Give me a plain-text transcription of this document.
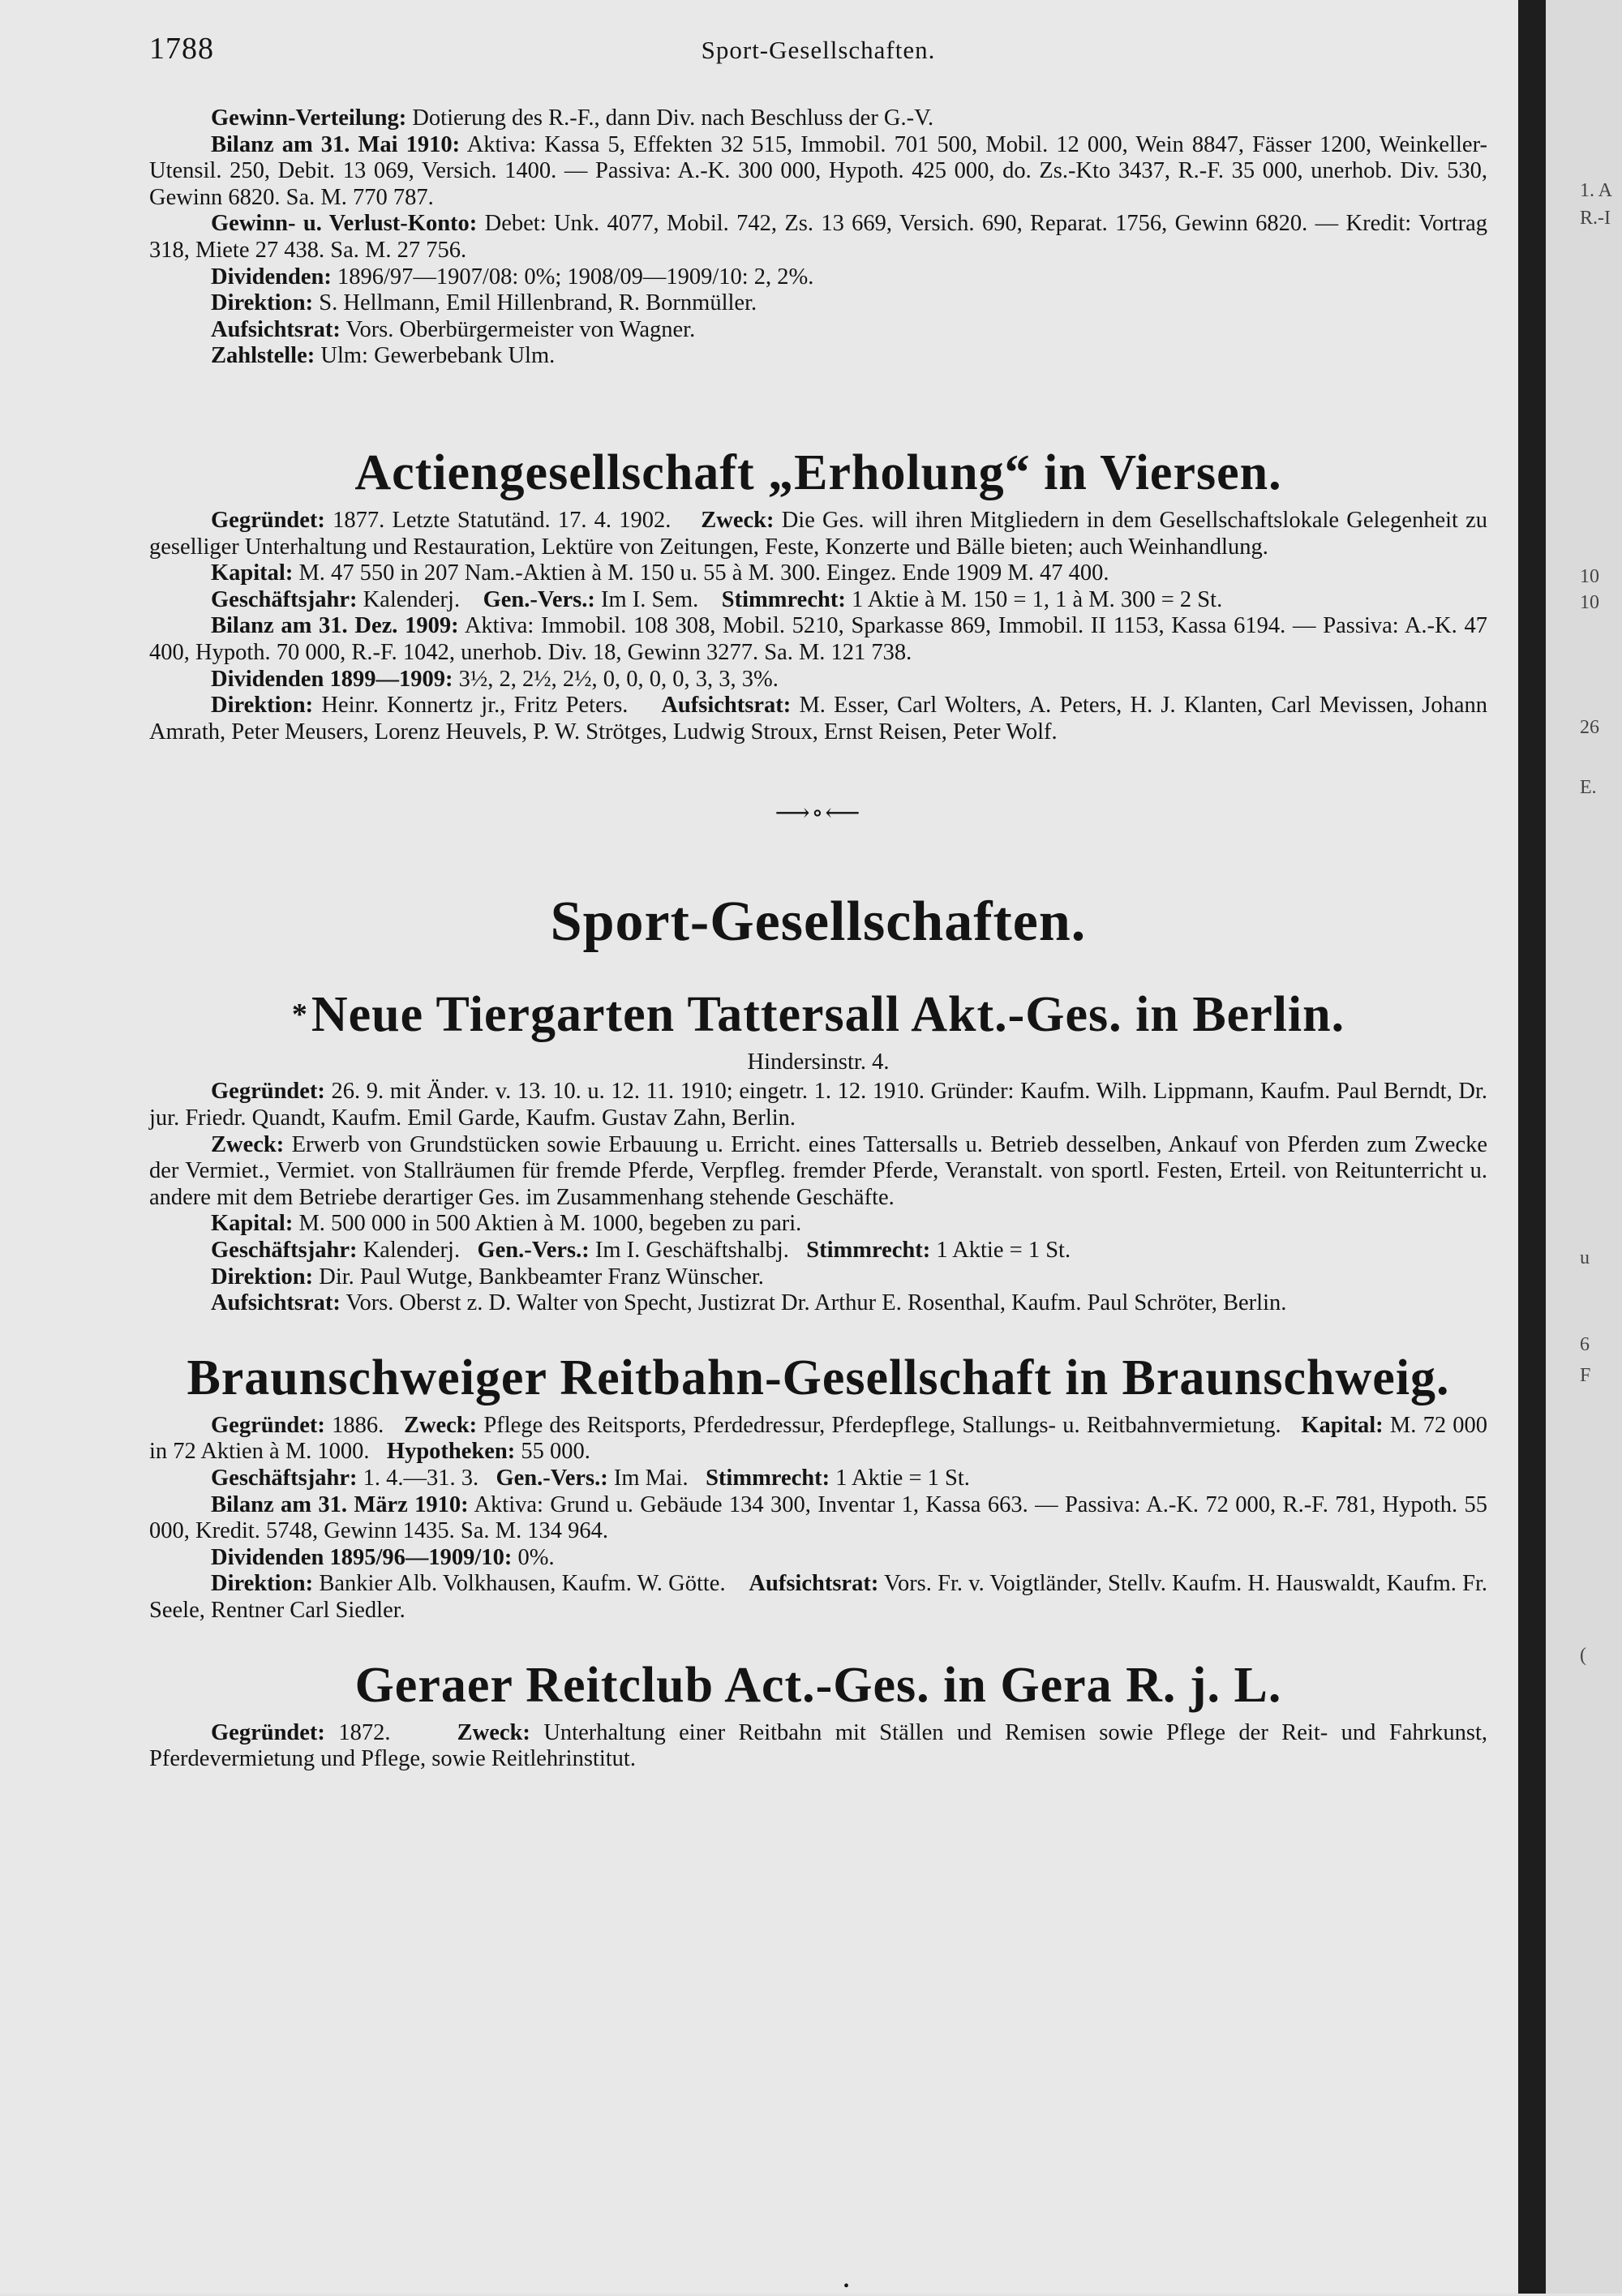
1788	Sport-Gesellschaften.

Gewinn-Verteilung: Dotierung des R.-F., dann Div. nach Beschluss der G.-V.

Bilanz am 31. Mai 1910: Aktiva: Kassa 5, Effekten 32 515, Immobil. 701 500, Mobil. 12 000, Wein 8847, Fässer 1200, Weinkeller-Utensil. 250, Debit. 13 069, Versich. 1400. — Passiva: A.-K. 300 000, Hypoth. 425 000, do. Zs.-Kto 3437, R.-F. 35 000, unerhob. Div. 530, Gewinn 6820. Sa. M. 770 787.

Gewinn- u. Verlust-Konto: Debet: Unk. 4077, Mobil. 742, Zs. 13 669, Versich. 690, Reparat. 1756, Gewinn 6820. — Kredit: Vortrag 318, Miete 27 438. Sa. M. 27 756.

Dividenden: 1896/97—1907/08: 0%; 1908/09—1909/10: 2, 2%.

Direktion: S. Hellmann, Emil Hillenbrand, R. Bornmüller.

Aufsichtsrat: Vors. Oberbürgermeister von Wagner.

Zahlstelle: Ulm: Gewerbebank Ulm.

Actiengesellschaft „Erholung“ in Viersen.

Gegründet: 1877. Letzte Statutänd. 17. 4. 1902. Zweck: Die Ges. will ihren Mitgliedern in dem Gesellschaftslokale Gelegenheit zu geselliger Unterhaltung und Restauration, Lektüre von Zeitungen, Feste, Konzerte und Bälle bieten; auch Weinhandlung.

Kapital: M. 47 550 in 207 Nam.-Aktien à M. 150 u. 55 à M. 300. Eingez. Ende 1909 M. 47 400.

Geschäftsjahr: Kalenderj. Gen.-Vers.: Im I. Sem. Stimmrecht: 1 Aktie à M. 150 = 1, 1 à M. 300 = 2 St.

Bilanz am 31. Dez. 1909: Aktiva: Immobil. 108 308, Mobil. 5210, Sparkasse 869, Immobil. II 1153, Kassa 6194. — Passiva: A.-K. 47 400, Hypoth. 70 000, R.-F. 1042, unerhob. Div. 18, Gewinn 3277. Sa. M. 121 738.

Dividenden 1899—1909: 3½, 2, 2½, 2½, 0, 0, 0, 0, 3, 3, 3%.

Direktion: Heinr. Konnertz jr., Fritz Peters. Aufsichtsrat: M. Esser, Carl Wolters, A. Peters, H. J. Klanten, Carl Mevissen, Johann Amrath, Peter Meusers, Lorenz Heuvels, P. W. Strötges, Ludwig Stroux, Ernst Reisen, Peter Wolf.

⟶∘⟵
Sport-Gesellschaften.
* Neue Tiergarten Tattersall Akt.-Ges. in Berlin.
Hindersinstr. 4.

Gegründet: 26. 9. mit Änder. v. 13. 10. u. 12. 11. 1910; eingetr. 1. 12. 1910. Gründer: Kaufm. Wilh. Lippmann, Kaufm. Paul Berndt, Dr. jur. Friedr. Quandt, Kaufm. Emil Garde, Kaufm. Gustav Zahn, Berlin.

Zweck: Erwerb von Grundstücken sowie Erbauung u. Erricht. eines Tattersalls u. Betrieb desselben, Ankauf von Pferden zum Zwecke der Vermiet., Vermiet. von Stallräumen für fremde Pferde, Verpfleg. fremder Pferde, Veranstalt. von sportl. Festen, Erteil. von Reitunterricht u. andere mit dem Betriebe derartiger Ges. im Zusammenhang stehende Geschäfte.

Kapital: M. 500 000 in 500 Aktien à M. 1000, begeben zu pari.

Geschäftsjahr: Kalenderj. Gen.-Vers.: Im I. Geschäftshalbj. Stimmrecht: 1 Aktie = 1 St.

Direktion: Dir. Paul Wutge, Bankbeamter Franz Wünscher.

Aufsichtsrat: Vors. Oberst z. D. Walter von Specht, Justizrat Dr. Arthur E. Rosenthal, Kaufm. Paul Schröter, Berlin.

Braunschweiger Reitbahn-Gesellschaft in Braunschweig.

Gegründet: 1886. Zweck: Pflege des Reitsports, Pferdedressur, Pferdepflege, Stallungs- u. Reitbahnvermietung. Kapital: M. 72 000 in 72 Aktien à M. 1000. Hypotheken: 55 000.

Geschäftsjahr: 1. 4.—31. 3. Gen.-Vers.: Im Mai. Stimmrecht: 1 Aktie = 1 St.

Bilanz am 31. März 1910: Aktiva: Grund u. Gebäude 134 300, Inventar 1, Kassa 663. — Passiva: A.-K. 72 000, R.-F. 781, Hypoth. 55 000, Kredit. 5748, Gewinn 1435. Sa. M. 134 964.

Dividenden 1895/96—1909/10: 0%.

Direktion: Bankier Alb. Volkhausen, Kaufm. W. Götte. Aufsichtsrat: Vors. Fr. v. Voigtländer, Stellv. Kaufm. H. Hauswaldt, Kaufm. Fr. Seele, Rentner Carl Siedler.

Geraer Reitclub Act.-Ges. in Gera R. j. L.

Gegründet: 1872.	Zweck: Unterhaltung einer Reitbahn mit Ställen und Remisen sowie Pflege der Reit- und Fahrkunst, Pferdevermietung und Pflege, sowie Reitlehrinstitut.

•
1. A
R.-I
10
10
26
E.
u
6
F
(
